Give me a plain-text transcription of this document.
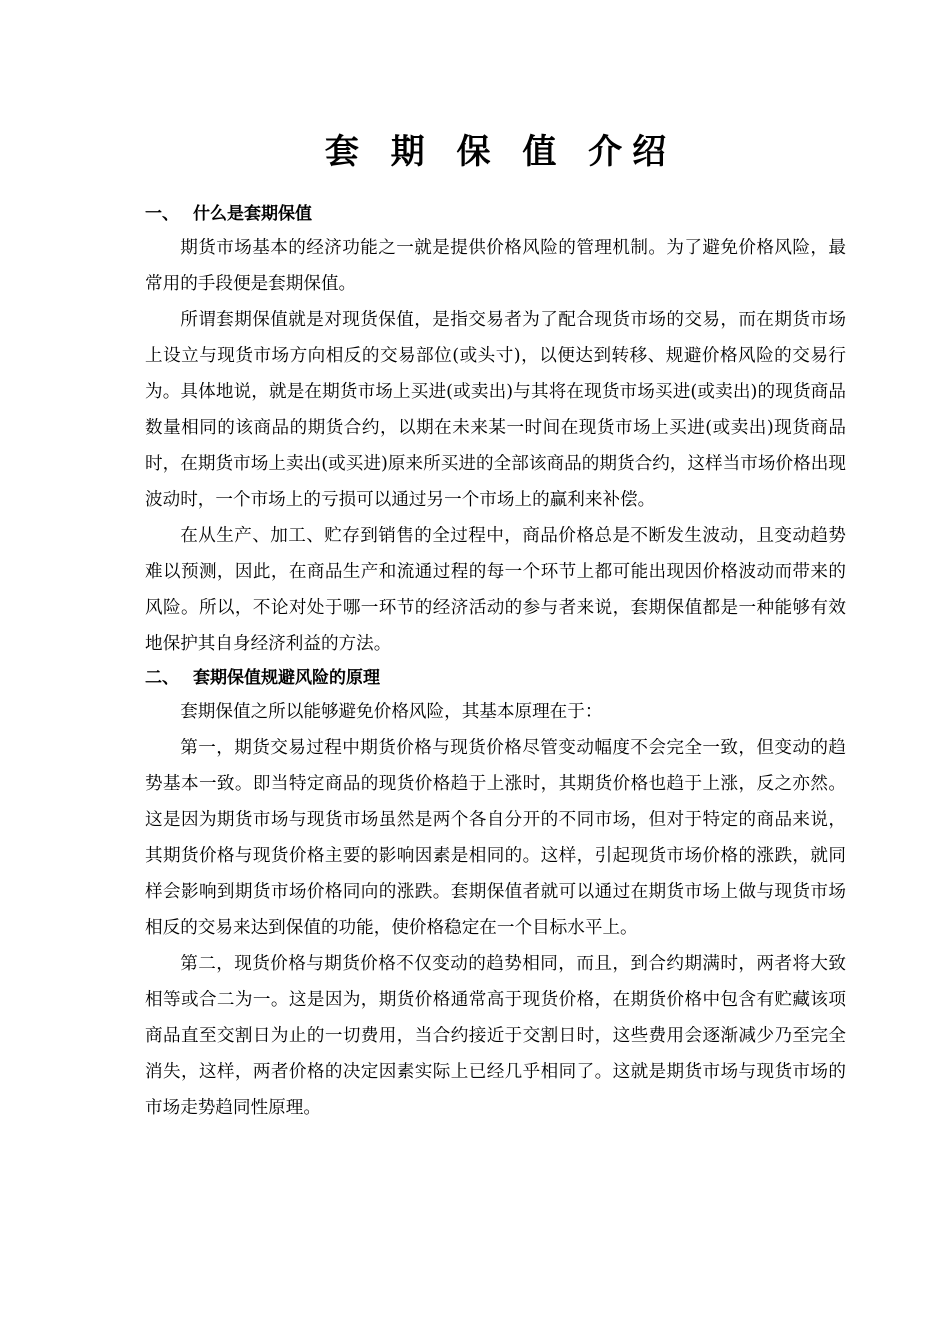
套 期 保 值 介绍
一、 什么是套期保值

期货市场基本的经济功能之一就是提供价格风险的管理机制。为了避免价格风险，最常用的手段便是套期保值。

所谓套期保值就是对现货保值，是指交易者为了配合现货市场的交易，而在期货市场上设立与现货市场方向相反的交易部位(或头寸)，以便达到转移、规避价格风险的交易行为。具体地说，就是在期货市场上买进(或卖出)与其将在现货市场买进(或卖出)的现货商品数量相同的该商品的期货合约，以期在未来某一时间在现货市场上买进(或卖出)现货商品时，在期货市场上卖出(或买进)原来所买进的全部该商品的期货合约，这样当市场价格出现波动时，一个市场上的亏损可以通过另一个市场上的赢利来补偿。

在从生产、加工、贮存到销售的全过程中，商品价格总是不断发生波动，且变动趋势难以预测，因此，在商品生产和流通过程的每一个环节上都可能出现因价格波动而带来的风险。所以，不论对处于哪一环节的经济活动的参与者来说，套期保值都是一种能够有效地保护其自身经济利益的方法。

二、 套期保值规避风险的原理

套期保值之所以能够避免价格风险，其基本原理在于：

第一，期货交易过程中期货价格与现货价格尽管变动幅度不会完全一致，但变动的趋势基本一致。即当特定商品的现货价格趋于上涨时，其期货价格也趋于上涨，反之亦然。这是因为期货市场与现货市场虽然是两个各自分开的不同市场，但对于特定的商品来说，其期货价格与现货价格主要的影响因素是相同的。这样，引起现货市场价格的涨跌，就同样会影响到期货市场价格同向的涨跌。套期保值者就可以通过在期货市场上做与现货市场相反的交易来达到保值的功能，使价格稳定在一个目标水平上。

第二，现货价格与期货价格不仅变动的趋势相同，而且，到合约期满时，两者将大致相等或合二为一。这是因为，期货价格通常高于现货价格，在期货价格中包含有贮藏该项商品直至交割日为止的一切费用，当合约接近于交割日时，这些费用会逐渐减少乃至完全消失，这样，两者价格的决定因素实际上已经几乎相同了。这就是期货市场与现货市场的市场走势趋同性原理。
